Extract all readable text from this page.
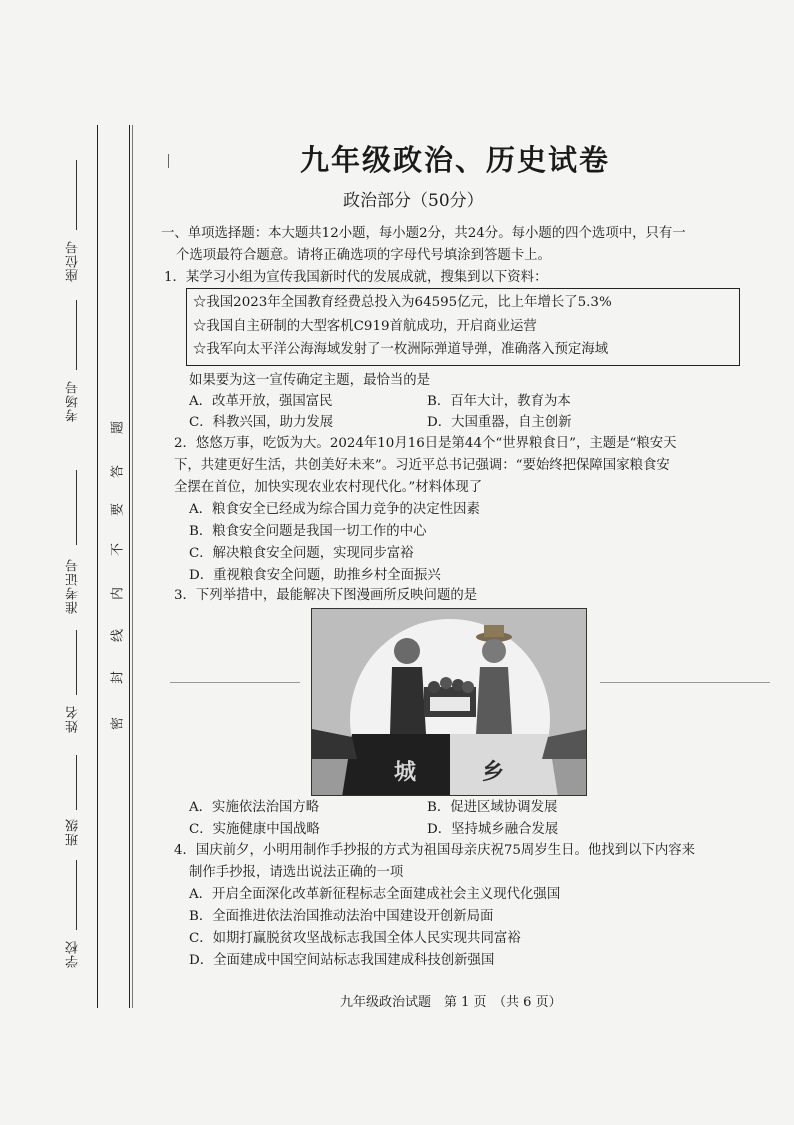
座位号
考场号
准考证号
姓名
班级
学校
题
答
要
不
内
线
封
密
九年级政治、历史试卷
政治部分（50分）
一、单项选择题：本大题共12小题，每小题2分，共24分。每小题的四个选项中，只有一
个选项最符合题意。请将正确选项的字母代号填涂到答题卡上。
1．某学习小组为宣传我国新时代的发展成就，搜集到以下资料：
☆我国2023年全国教育经费总投入为64595亿元，比上年增长了5.3%
☆我国自主研制的大型客机C919首航成功，开启商业运营
☆我军向太平洋公海海域发射了一枚洲际弹道导弹，准确落入预定海域
如果要为这一宣传确定主题，最恰当的是
A．改革开放，强国富民	B．百年大计，教育为本
C．科教兴国，助力发展	D．大国重器，自主创新
2．悠悠万事，吃饭为大。2024年10月16日是第44个“世界粮食日”，主题是“粮安天
下，共建更好生活，共创美好未来”。习近平总书记强调：“要始终把保障国家粮食安
全摆在首位，加快实现农业农村现代化。”材料体现了
A．粮食安全已经成为综合国力竞争的决定性因素
B．粮食安全问题是我国一切工作的中心
C．解决粮食安全问题，实现同步富裕
D．重视粮食安全问题，助推乡村全面振兴
3．下列举措中，最能解决下图漫画所反映问题的是
城	乡
A．实施依法治国方略	B．促进区域协调发展
C．实施健康中国战略	D．坚持城乡融合发展
4．国庆前夕，小明用制作手抄报的方式为祖国母亲庆祝75周岁生日。他找到以下内容来
制作手抄报，请选出说法正确的一项
A．开启全面深化改革新征程标志全面建成社会主义现代化强国
B．全面推进依法治国推动法治中国建设开创新局面
C．如期打赢脱贫攻坚战标志我国全体人民实现共同富裕
D．全面建成中国空间站标志我国建成科技创新强国
九年级政治试题　第 1 页　（共 6 页）
